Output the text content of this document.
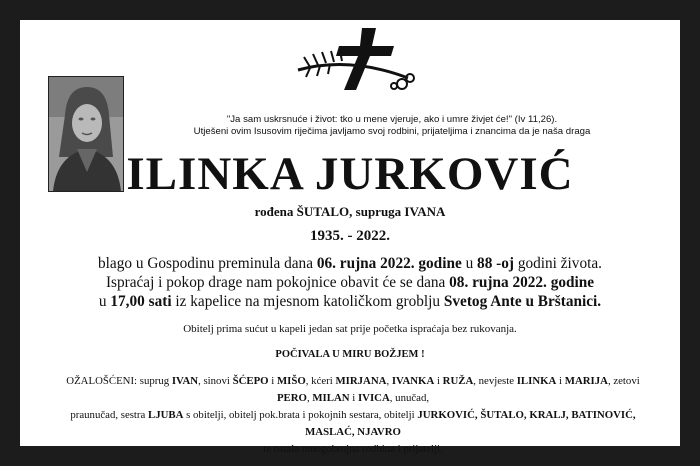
"Ja sam uskrsnuće i život: tko u mene vjeruje, ako i umre živjet će!" (Iv 11,26).
Utješeni ovim Isusovim riječima javljamo svoj rodbini, prijateljima i znancima da je naša draga
ILINKA JURKOVIĆ
rođena ŠUTALO, supruga IVANA
1935. - 2022.
blago u Gospodinu preminula dana 06. rujna 2022. godine u 88 -oj godini života.
Ispraćaj i pokop drage nam pokojnice obavit će se dana 08. rujna 2022. godine
u 17,00 sati iz kapelice na mjesnom katoličkom groblju Svetog Ante u Brštanici.
Obitelj prima sućut u kapeli jedan sat prije početka ispraćaja bez rukovanja.
POČIVALA U MIRU BOŽJEM !
OŽALOŠĆENI: suprug IVAN, sinovi ŠĆEPO i MIŠO, kćeri MIRJANA, IVANKA i RUŽA, nevjeste ILINKA i MARIJA, zetovi PERO, MILAN i IVICA, unučad,
praunučad, sestra LJUBA s obitelji, obitelj pok.brata i pokojnih sestara, obitelji JURKOVIĆ, ŠUTALO, KRALJ, BATINOVIĆ, MASLAĆ, NJAVRO
te ostala mnogobrojna rodbina i prijatelji.
